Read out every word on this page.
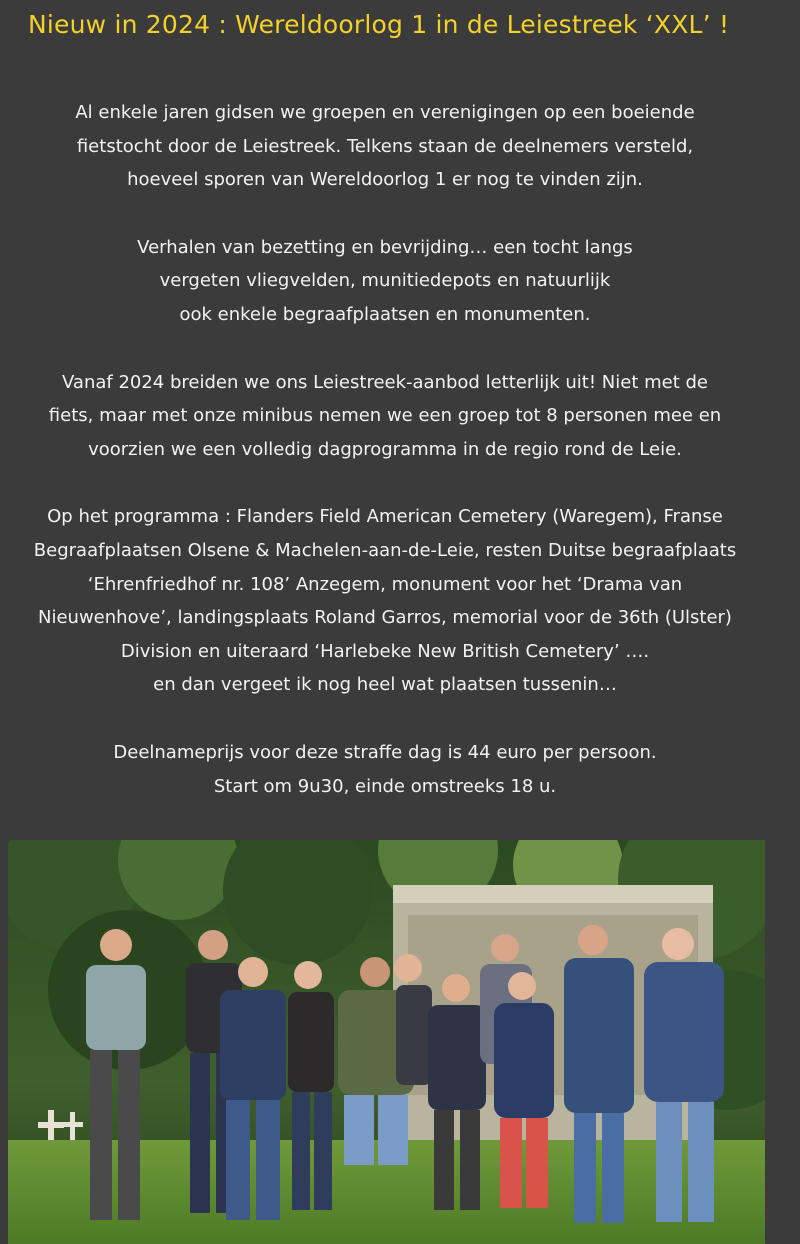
Nieuw in 2024 : Wereldoorlog 1 in de Leiestreek ‘XXL’ !

Al enkele jaren gidsen we groepen en verenigingen op een boeiende
fietstocht door de Leiestreek. Telkens staan de deelnemers versteld,
hoeveel sporen van Wereldoorlog 1 er nog te vinden zijn.

Verhalen van bezetting en bevrijding… een tocht langs
vergeten vliegvelden, munitiedepots en natuurlijk
ook enkele begraafplaatsen en monumenten.

Vanaf 2024 breiden we ons Leiestreek-aanbod letterlijk uit! Niet met de
fiets, maar met onze minibus nemen we een groep tot 8 personen mee en
voorzien we een volledig dagprogramma in de regio rond de Leie.

Op het programma : Flanders Field American Cemetery (Waregem), Franse
Begraafplaatsen Olsene & Machelen-aan-de-Leie, resten Duitse begraafplaats
‘Ehrenfriedhof nr. 108’ Anzegem, monument voor het ‘Drama van
Nieuwenhove’, landingsplaats Roland Garros, memorial voor de 36th (Ulster)
Division en uiteraard ‘Harlebeke New British Cemetery’ ….
en dan vergeet ik nog heel wat plaatsen tussenin…

Deelnameprijs voor deze straffe dag is 44 euro per persoon.
Start om 9u30, einde omstreeks 18 u.
